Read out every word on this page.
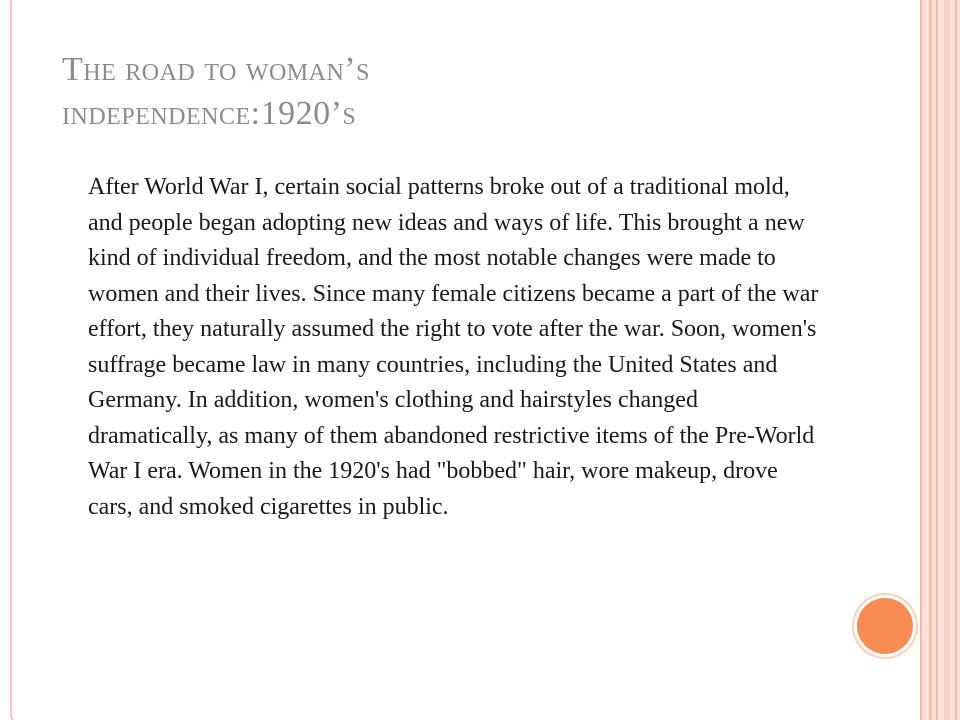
The road to woman’s
independence:1920’s

After World War I, certain social patterns broke out of a traditional mold, and people began adopting new ideas and ways of life. This brought a new kind of individual freedom, and the most notable changes were made to women and their lives. Since many female citizens became a part of the war effort, they naturally assumed the right to vote after the war. Soon, women's suffrage became law in many countries, including the United States and Germany. In addition, women's clothing and hairstyles changed dramatically, as many of them abandoned restrictive items of the Pre-World War I era. Women in the 1920's had "bobbed" hair, wore makeup, drove cars, and smoked cigarettes in public.
